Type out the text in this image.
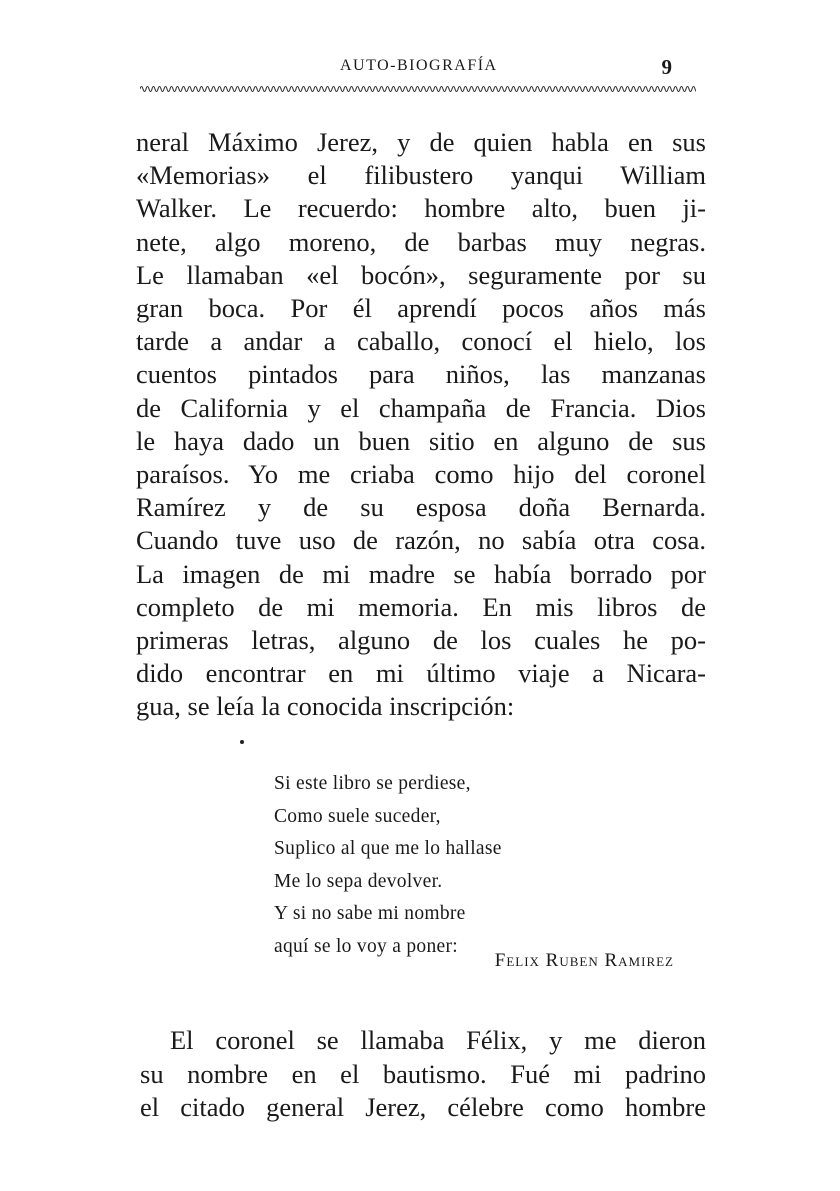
AUTO-BIOGRAFÍA	9

neral Máximo Jerez, y de quien habla en sus
«Memorias» el filibustero yanqui William
Walker. Le recuerdo: hombre alto, buen ji-
nete, algo moreno, de barbas muy negras.
Le llamaban «el bocón», seguramente por su
gran boca. Por él aprendí pocos años más
tarde a andar a caballo, conocí el hielo, los
cuentos pintados para niños, las manzanas
de California y el champaña de Francia. Dios
le haya dado un buen sitio en alguno de sus
paraísos. Yo me criaba como hijo del coronel
Ramírez y de su esposa doña Bernarda.
Cuando tuve uso de razón, no sabía otra cosa.
La imagen de mi madre se había borrado por
completo de mi memoria. En mis libros de
primeras letras, alguno de los cuales he po-
dido encontrar en mi último viaje a Nicara-
gua, se leía la conocida inscripción:

Si este libro se perdiese,
Como suele suceder,
Suplico al que me lo hallase
Me lo sepa devolver.
Y si no sabe mi nombre
aquí se lo voy a poner:
Felix Ruben Ramirez

El coronel se llamaba Félix, y me dieron
su nombre en el bautismo. Fué mi padrino
el citado general Jerez, célebre como hombre
